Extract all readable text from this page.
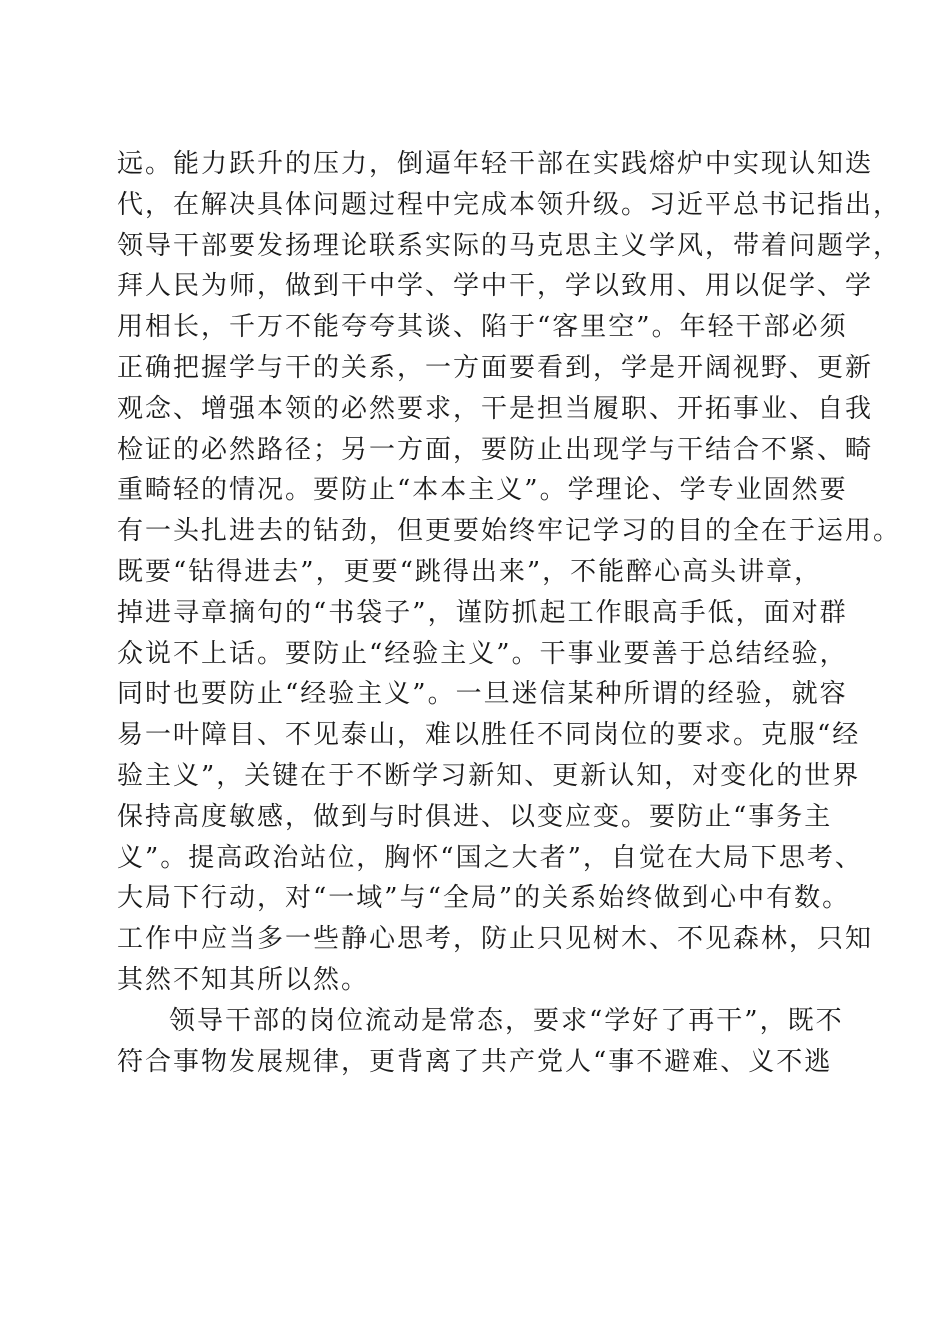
远。能力跃升的压力，倒逼年轻干部在实践熔炉中实现认知迭
代，在解决具体问题过程中完成本领升级。习近平总书记指出，
领导干部要发扬理论联系实际的马克思主义学风，带着问题学，
拜人民为师，做到干中学、学中干，学以致用、用以促学、学
用相长，千万不能夸夸其谈、陷于“客里空”。年轻干部必须
正确把握学与干的关系，一方面要看到，学是开阔视野、更新
观念、增强本领的必然要求，干是担当履职、开拓事业、自我
检证的必然路径；另一方面，要防止出现学与干结合不紧、畸
重畸轻的情况。要防止“本本主义”。学理论、学专业固然要
有一头扎进去的钻劲，但更要始终牢记学习的目的全在于运用。
既要“钻得进去”，更要“跳得出来”，不能醉心高头讲章，
掉进寻章摘句的“书袋子”，谨防抓起工作眼高手低，面对群
众说不上话。要防止“经验主义”。干事业要善于总结经验，
同时也要防止“经验主义”。一旦迷信某种所谓的经验，就容
易一叶障目、不见泰山，难以胜任不同岗位的要求。克服“经
验主义”，关键在于不断学习新知、更新认知，对变化的世界
保持高度敏感，做到与时俱进、以变应变。要防止“事务主
义”。提高政治站位，胸怀“国之大者”，自觉在大局下思考、
大局下行动，对“一域”与“全局”的关系始终做到心中有数。
工作中应当多一些静心思考，防止只见树木、不见森林，只知
其然不知其所以然。
领导干部的岗位流动是常态，要求“学好了再干”，既不
符合事物发展规律，更背离了共产党人“事不避难、义不逃
